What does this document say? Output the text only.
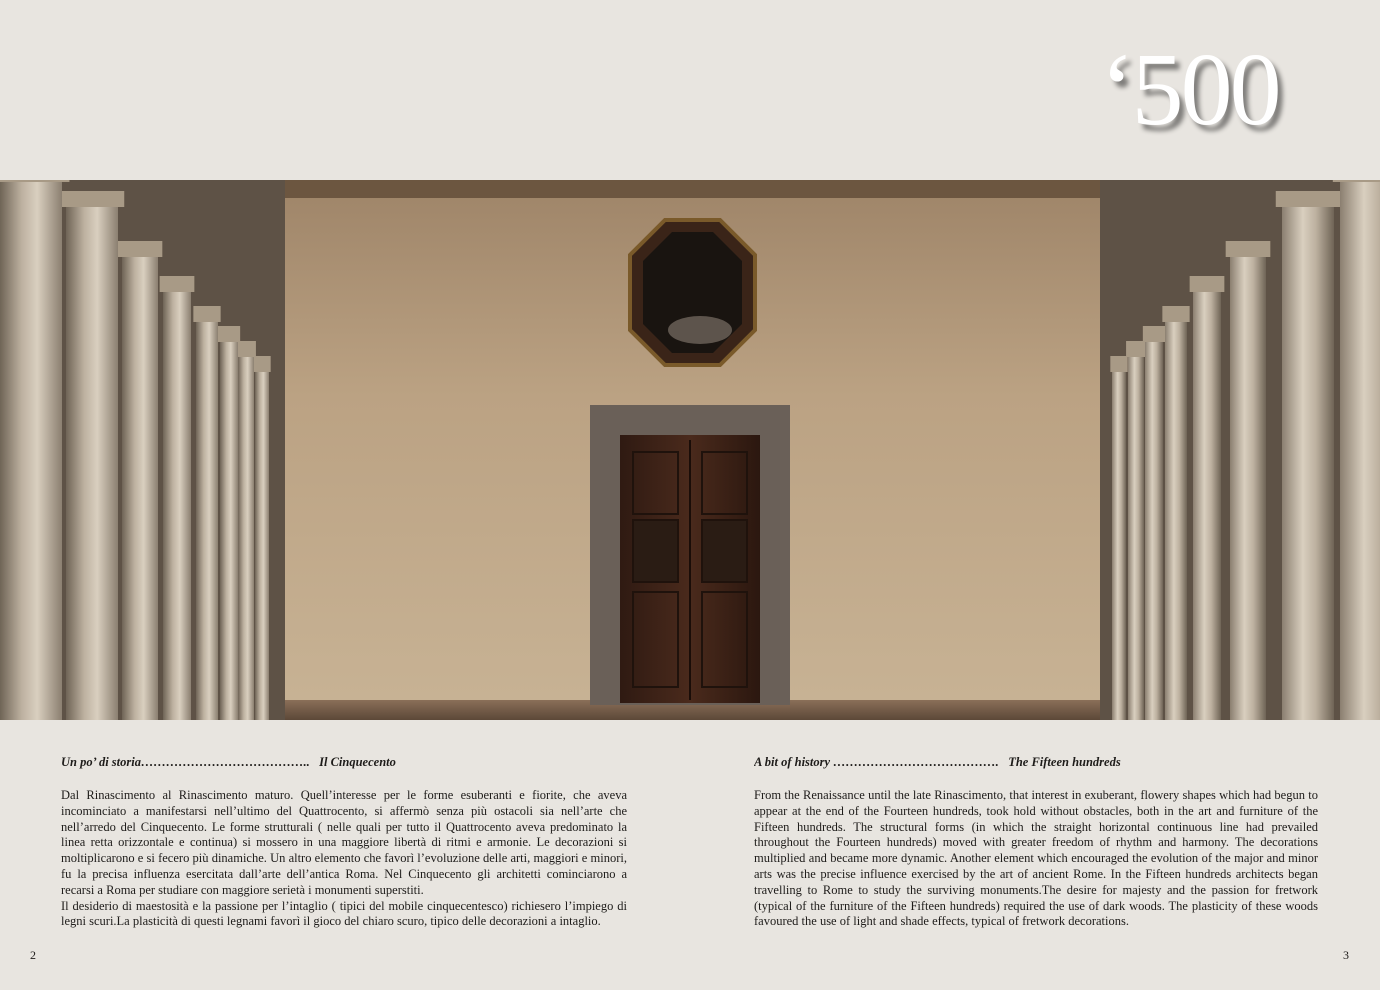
‘500
Un po’ di storia…………………………………..   Il Cinquecento

Dal Rinascimento al Rinascimento maturo. Quell’interesse per le forme esuberanti e fiorite, che aveva incominciato a manifestarsi nell’ultimo del Quattrocento, si affermò senza più ostacoli sia nell’arte che nell’arredo del Cinquecento. Le forme strutturali ( nelle quali per tutto il Quattrocento aveva predominato la linea retta orizzontale e continua) si mossero in una maggiore libertà di ritmi e armonie. Le decorazioni si moltiplicarono e si fecero più dinamiche. Un altro elemento che favorì l’evoluzione delle arti, maggiori e minori, fu la precisa influenza esercitata dall’arte dell’antica Roma. Nel Cinquecento gli architetti cominciarono a recarsi a Roma per studiare con maggiore serietà i monumenti superstiti.

Il desiderio di maestosità e la passione per l’intaglio ( tipici del mobile cinquecentesco) richiesero l’impiego di legni scuri.La plasticità di questi legnami favorì il gioco del chiaro scuro, tipico delle decorazioni a intaglio.

A bit of history …………………………………. The Fifteen hundreds

From the Renaissance until the late Rinascimento, that interest in exuberant, flowery shapes which had begun to appear at the end of the Fourteen hundreds, took hold without obstacles, both in the art and furniture of the Fifteen hundreds. The structural forms (in which the straight horizontal continuous line had prevailed throughout the Fourteen hundreds) moved with greater freedom of rhythm and harmony. The decorations multiplied and became more dynamic. Another element which encouraged the evolution of the major and minor arts was the precise influence exercised by the art of ancient Rome. In the Fifteen hundreds architects began travelling to Rome to study the surviving monuments.The desire for majesty and the passion for fretwork (typical of the furniture of the Fifteen hundreds) required the use of dark woods. The plasticity of these woods favoured the use of light and shade effects, typical of fretwork decorations.

2	3
